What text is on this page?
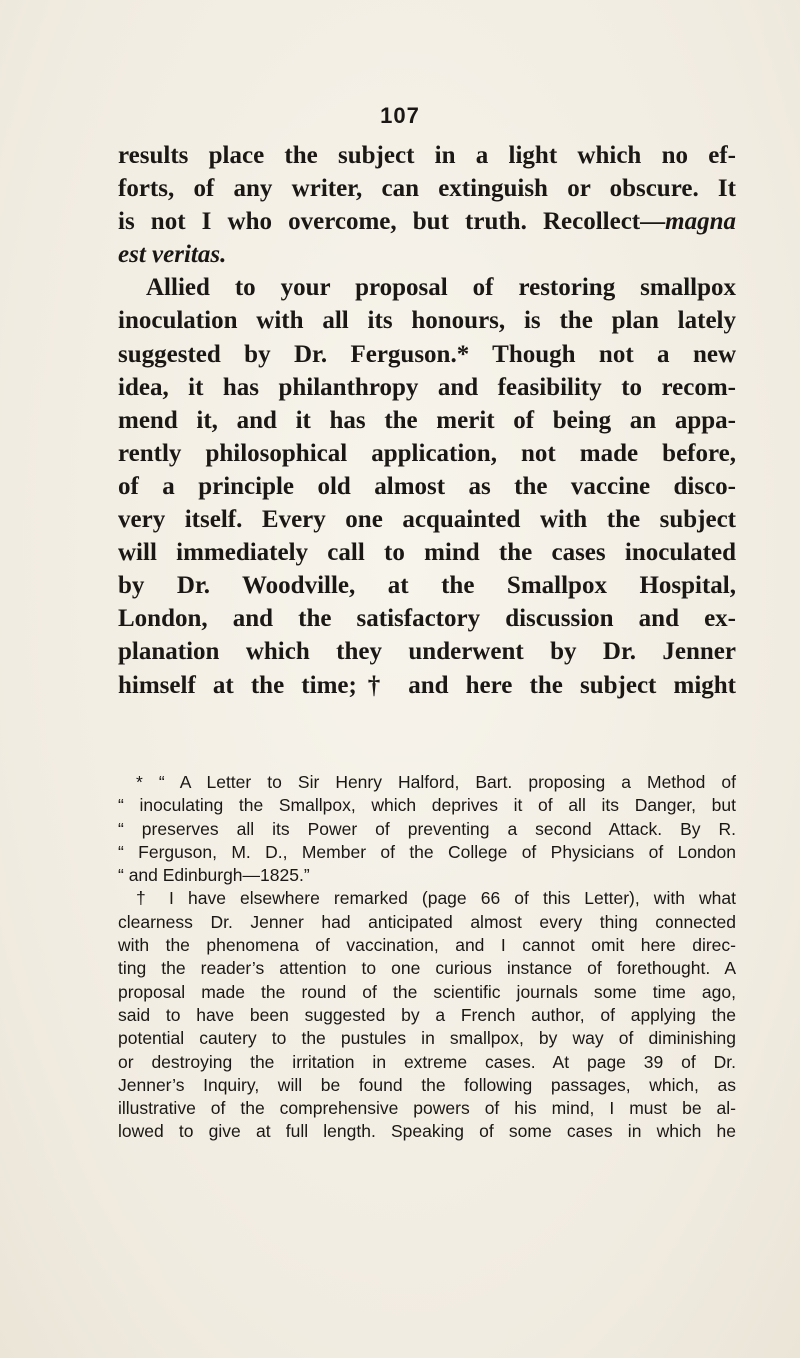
107
results place the subject in a light which no ef-
forts, of any writer, can extinguish or obscure. It
is not I who overcome, but truth. Recollect—magna
est veritas.
Allied to your proposal of restoring smallpox
inoculation with all its honours, is the plan lately
suggested by Dr. Ferguson.* Though not a new
idea, it has philanthropy and feasibility to recom-
mend it, and it has the merit of being an appa-
rently philosophical application, not made before,
of a principle old almost as the vaccine disco-
very itself. Every one acquainted with the subject
will immediately call to mind the cases inoculated
by Dr. Woodville, at the Smallpox Hospital,
London, and the satisfactory discussion and ex-
planation which they underwent by Dr. Jenner
himself at the time;† and here the subject might
* “ A Letter to Sir Henry Halford, Bart. proposing a Method of
“ inoculating the Smallpox, which deprives it of all its Danger, but
“ preserves all its Power of preventing a second Attack. By R.
“ Ferguson, M. D., Member of the College of Physicians of London
“ and Edinburgh—1825.”
† I have elsewhere remarked (page 66 of this Letter), with what
clearness Dr. Jenner had anticipated almost every thing connected
with the phenomena of vaccination, and I cannot omit here direc-
ting the reader’s attention to one curious instance of forethought. A
proposal made the round of the scientific journals some time ago,
said to have been suggested by a French author, of applying the
potential cautery to the pustules in smallpox, by way of diminishing
or destroying the irritation in extreme cases. At page 39 of Dr.
Jenner’s Inquiry, will be found the following passages, which, as
illustrative of the comprehensive powers of his mind, I must be al-
lowed to give at full length. Speaking of some cases in which he
